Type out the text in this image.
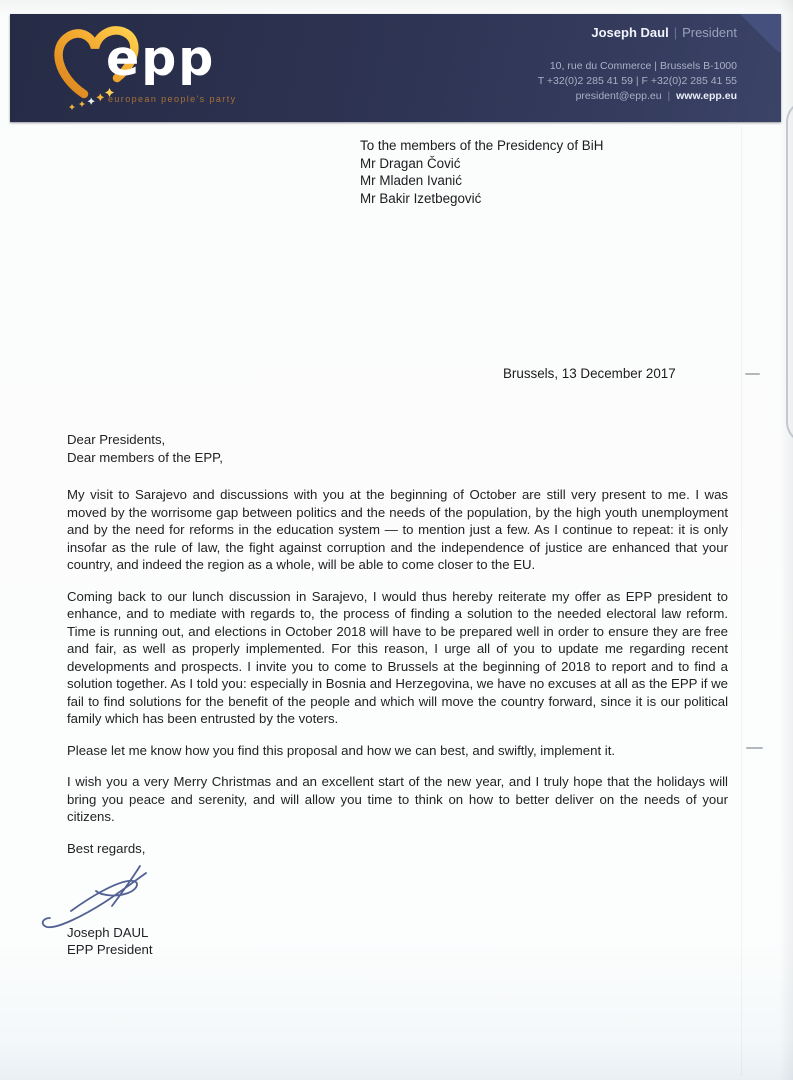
epp
european people's party
Joseph Daul | President
10, rue du Commerce | Brussels B-1000
T +32(0)2 285 41 59 | F +32(0)2 285 41 55
president@epp.eu | www.epp.eu
To the members of the Presidency of BiH
Mr Dragan Čović
Mr Mladen Ivanić
Mr Bakir Izetbegović
Brussels, 13 December 2017
Dear Presidents,
Dear members of the EPP,

My visit to Sarajevo and discussions with you at the beginning of October are still very present to me. I was moved by the worrisome gap between politics and the needs of the population, by the high youth unemployment and by the need for reforms in the education system — to mention just a few. As I continue to repeat: it is only insofar as the rule of law, the fight against corruption and the independence of justice are enhanced that your country, and indeed the region as a whole, will be able to come closer to the EU.

Coming back to our lunch discussion in Sarajevo, I would thus hereby reiterate my offer as EPP president to enhance, and to mediate with regards to, the process of finding a solution to the needed electoral law reform. Time is running out, and elections in October 2018 will have to be prepared well in order to ensure they are free and fair, as well as properly implemented. For this reason, I urge all of you to update me regarding recent developments and prospects. I invite you to come to Brussels at the beginning of 2018 to report and to find a solution together. As I told you: especially in Bosnia and Herzegovina, we have no excuses at all as the EPP if we fail to find solutions for the benefit of the people and which will move the country forward, since it is our political family which has been entrusted by the voters.

Please let me know how you find this proposal and how we can best, and swiftly, implement it.

I wish you a very Merry Christmas and an excellent start of the new year, and I truly hope that the holidays will bring you peace and serenity, and will allow you time to think on how to better deliver on the needs of your citizens.

Best regards,
Joseph DAUL
EPP President
